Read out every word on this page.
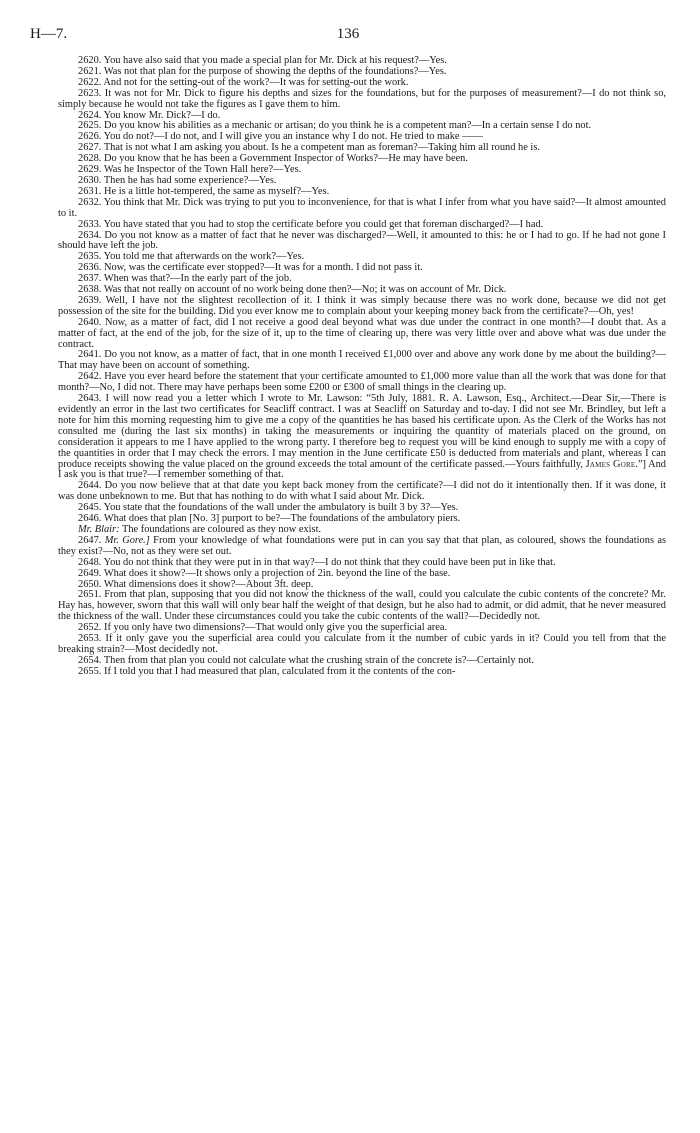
H—7.	136

2620. You have also said that you made a special plan for Mr. Dick at his request?—Yes.

2621. Was not that plan for the purpose of showing the depths of the foundations?—Yes.

2622. And not for the setting-out of the work?—It was for setting-out the work.

2623. It was not for Mr. Dick to figure his depths and sizes for the foundations, but for the purposes of measurement?—I do not think so, simply because he would not take the figures as I gave them to him.

2624. You know Mr. Dick?—I do.

2625. Do you know his abilities as a mechanic or artisan; do you think he is a competent man?—In a certain sense I do not.

2626. You do not?—I do not, and I will give you an instance why I do not. He tried to make ——

2627. That is not what I am asking you about. Is he a competent man as foreman?—Taking him all round he is.

2628. Do you know that he has been a Government Inspector of Works?—He may have been.

2629. Was he Inspector of the Town Hall here?—Yes.

2630. Then he has had some experience?—Yes.

2631. He is a little hot-tempered, the same as myself?—Yes.

2632. You think that Mr. Dick was trying to put you to inconvenience, for that is what I infer from what you have said?—It almost amounted to it.

2633. You have stated that you had to stop the certificate before you could get that foreman discharged?—I had.

2634. Do you not know as a matter of fact that he never was discharged?—Well, it amounted to this: he or I had to go. If he had not gone I should have left the job.

2635. You told me that afterwards on the work?—Yes.

2636. Now, was the certificate ever stopped?—It was for a month. I did not pass it.

2637. When was that?—In the early part of the job.

2638. Was that not really on account of no work being done then?—No; it was on account of Mr. Dick.

2639. Well, I have not the slightest recollection of it. I think it was simply because there was no work done, because we did not get possession of the site for the building. Did you ever know me to complain about your keeping money back from the certificate?—Oh, yes!

2640. Now, as a matter of fact, did I not receive a good deal beyond what was due under the contract in one month?—I doubt that. As a matter of fact, at the end of the job, for the size of it, up to the time of clearing up, there was very little over and above what was due under the contract.

2641. Do you not know, as a matter of fact, that in one month I received £1,000 over and above any work done by me about the building?—That may have been on account of something.

2642. Have you ever heard before the statement that your certificate amounted to £1,000 more value than all the work that was done for that month?—No, I did not. There may have perhaps been some £200 or £300 of small things in the clearing up.

2643. I will now read you a letter which I wrote to Mr. Lawson: “5th July, 1881. R. A. Lawson, Esq., Architect.—Dear Sir,—There is evidently an error in the last two certificates for Seacliff contract. I was at Seacliff on Saturday and to-day. I did not see Mr. Brindley, but left a note for him this morning requesting him to give me a copy of the quantities he has based his certificate upon. As the Clerk of the Works has not consulted me (during the last six months) in taking the measurements or inquiring the quantity of materials placed on the ground, on consideration it appears to me I have applied to the wrong party. I therefore beg to request you will be kind enough to supply me with a copy of the quantities in order that I may check the errors. I may mention in the June certificate £50 is deducted from materials and plant, whereas I can produce receipts showing the value placed on the ground exceeds the total amount of the certificate passed.—Yours faithfully, James Gore.”] And I ask you is that true?—I remember something of that.

2644. Do you now believe that at that date you kept back money from the certificate?—I did not do it intentionally then. If it was done, it was done unbeknown to me. But that has nothing to do with what I said about Mr. Dick.

2645. You state that the foundations of the wall under the ambulatory is built 3 by 3?—Yes.

2646. What does that plan [No. 3] purport to be?—The foundations of the ambulatory piers.

Mr. Blair: The foundations are coloured as they now exist.

2647. Mr. Gore.] From your knowledge of what foundations were put in can you say that that plan, as coloured, shows the foundations as they exist?—No, not as they were set out.

2648. You do not think that they were put in in that way?—I do not think that they could have been put in like that.

2649. What does it show?—It shows only a projection of 2in. beyond the line of the base.

2650. What dimensions does it show?—About 3ft. deep.

2651. From that plan, supposing that you did not know the thickness of the wall, could you calculate the cubic contents of the concrete? Mr. Hay has, however, sworn that this wall will only bear half the weight of that design, but he also had to admit, or did admit, that he never measured the thickness of the wall. Under these circumstances could you take the cubic contents of the wall?—Decidedly not.

2652. If you only have two dimensions?—That would only give you the superficial area.

2653. If it only gave you the superficial area could you calculate from it the number of cubic yards in it? Could you tell from that the breaking strain?—Most decidedly not.

2654. Then from that plan you could not calculate what the crushing strain of the concrete is?—Certainly not.

2655. If I told you that I had measured that plan, calculated from it the contents of the con-
